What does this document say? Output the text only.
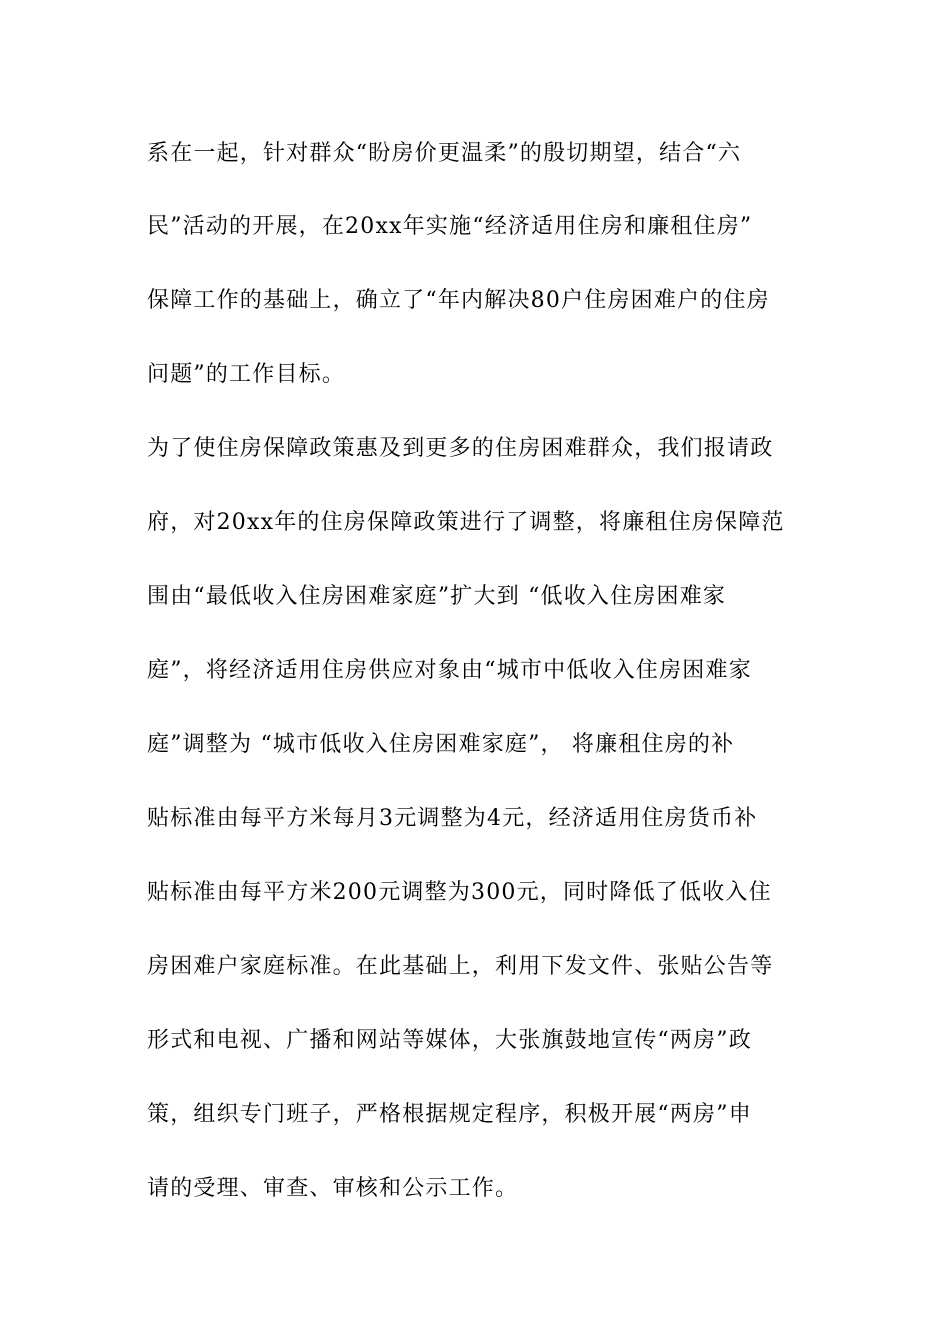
系在一起，针对群众“盼房价更温柔”的殷切期望，结合“六
民”活动的开展，在20xx年实施“经济适用住房和廉租住房”
保障工作的基础上，确立了“年内解决80户住房困难户的住房
问题”的工作目标。
为了使住房保障政策惠及到更多的住房困难群众，我们报请政
府，对20xx年的住房保障政策进行了调整，将廉租住房保障范
围由“最低收入住房困难家庭”扩大到 “低收入住房困难家
庭”，将经济适用住房供应对象由“城市中低收入住房困难家
庭”调整为 “城市低收入住房困难家庭”， 将廉租住房的补
贴标准由每平方米每月3元调整为4元，经济适用住房货币补
贴标准由每平方米200元调整为300元，同时降低了低收入住
房困难户家庭标准。在此基础上，利用下发文件、张贴公告等
形式和电视、广播和网站等媒体，大张旗鼓地宣传“两房”政
策，组织专门班子，严格根据规定程序，积极开展“两房”申
请的受理、审查、审核和公示工作。
